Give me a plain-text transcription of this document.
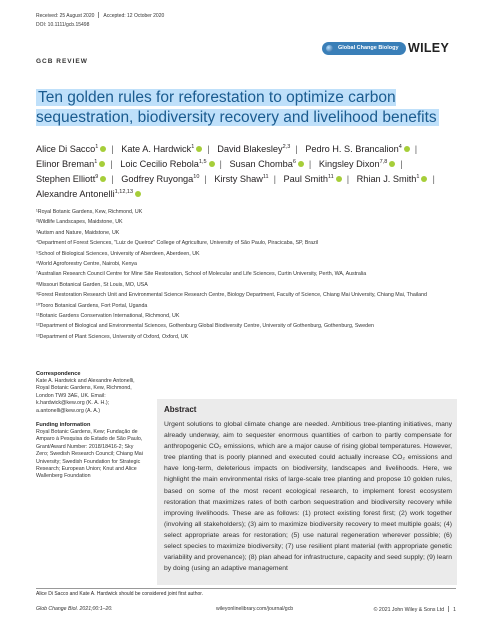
Received: 25 August 2020 Accepted: 12 October 2020
DOI: 10.1111/gcb.15498
Global Change Biology WILEY
GCB REVIEW
Ten golden rules for reforestation to optimize carbon sequestration, biodiversity recovery and livelihood benefits
Alice Di Sacco$^1$ | Kate A. Hardwick$^1$ | David Blakesley$^{2,3}$ | Pedro H. S. Brancalion$^4$ | Elinor Breman$^1$ | Loic Cecilio Rebola$^{1,5}$ | Susan Chomba$^6$ | Kingsley Dixon$^{7,8}$ | Stephen Elliott$^9$ | Godfrey Ruyonga$^{10}$ | Kirsty Shaw$^{11}$ | Paul Smith$^{11}$ | Rhian J. Smith$^1$ | Alexandre Antonelli$^{1,12,13}$
¹Royal Botanic Gardens, Kew, Richmond, UK
²Wildlife Landscapes, Maidstone, UK
³Autism and Nature, Maidstone, UK
⁴Department of Forest Sciences, "Luiz de Queiroz" College of Agriculture, University of São Paulo, Piracicaba, SP, Brazil
⁵School of Biological Sciences, University of Aberdeen, Aberdeen, UK
⁶World Agroforestry Centre, Nairobi, Kenya
⁷Australian Research Council Centre for Mine Site Restoration, School of Molecular and Life Sciences, Curtin University, Perth, WA, Australia
⁸Missouri Botanical Garden, St Louis, MO, USA
⁹Forest Restoration Research Unit and Environmental Science Research Centre, Biology Department, Faculty of Science, Chiang Mai University, Chiang Mai, Thailand
¹⁰Tooro Botanical Gardens, Fort Portal, Uganda
¹¹Botanic Gardens Conservation International, Richmond, UK
¹²Department of Biological and Environmental Sciences, Gothenburg Global Biodiversity Centre, University of Gothenburg, Gothenburg, Sweden
¹³Department of Plant Sciences, University of Oxford, Oxford, UK
Correspondence
Kate A. Hardwick and Alexandre Antonelli, Royal Botanic Gardens, Kew, Richmond, London TW9 3AE, UK. Email: k.hardwick@kew.org (K. A. H.); a.antonelli@kew.org (A. A.)
Funding information
Royal Botanic Gardens, Kew; Fundação de Amparo à Pesquisa do Estado de São Paulo, Grant/Award Number: 2018/18416-2; Sky Zero; Swedish Research Council; Chiang Mai University; Swedish Foundation for Strategic Research; European Union; Knut and Alice Wallenberg Foundation
Abstract
Urgent solutions to global climate change are needed. Ambitious tree-planting initiatives, many already underway, aim to sequester enormous quantities of carbon to partly compensate for anthropogenic CO₂ emissions, which are a major cause of rising global temperatures. However, tree planting that is poorly planned and executed could actually increase CO₂ emissions and have long-term, deleterious impacts on biodiversity, landscapes and livelihoods. Here, we highlight the main environmental risks of large-scale tree planting and propose 10 golden rules, based on some of the most recent ecological research, to implement forest ecosystem restoration that maximizes rates of both carbon sequestration and biodiversity recovery while improving livelihoods. These are as follows: (1) protect existing forest first; (2) work together (involving all stakeholders); (3) aim to maximize biodiversity recovery to meet multiple goals; (4) select appropriate areas for restoration; (5) use natural regeneration wherever possible; (6) select species to maximize biodiversity; (7) use resilient plant material (with appropriate genetic variability and provenance); (8) plan ahead for infrastructure, capacity and seed supply; (9) learn by doing (using an adaptive management
Alice Di Sacco and Kate A. Hardwick should be considered joint first author.
Glob Change Biol. 2021;00:1–20.	wileyonlinelibrary.com/journal/gcb	© 2021 John Wiley & Sons Ltd 1
